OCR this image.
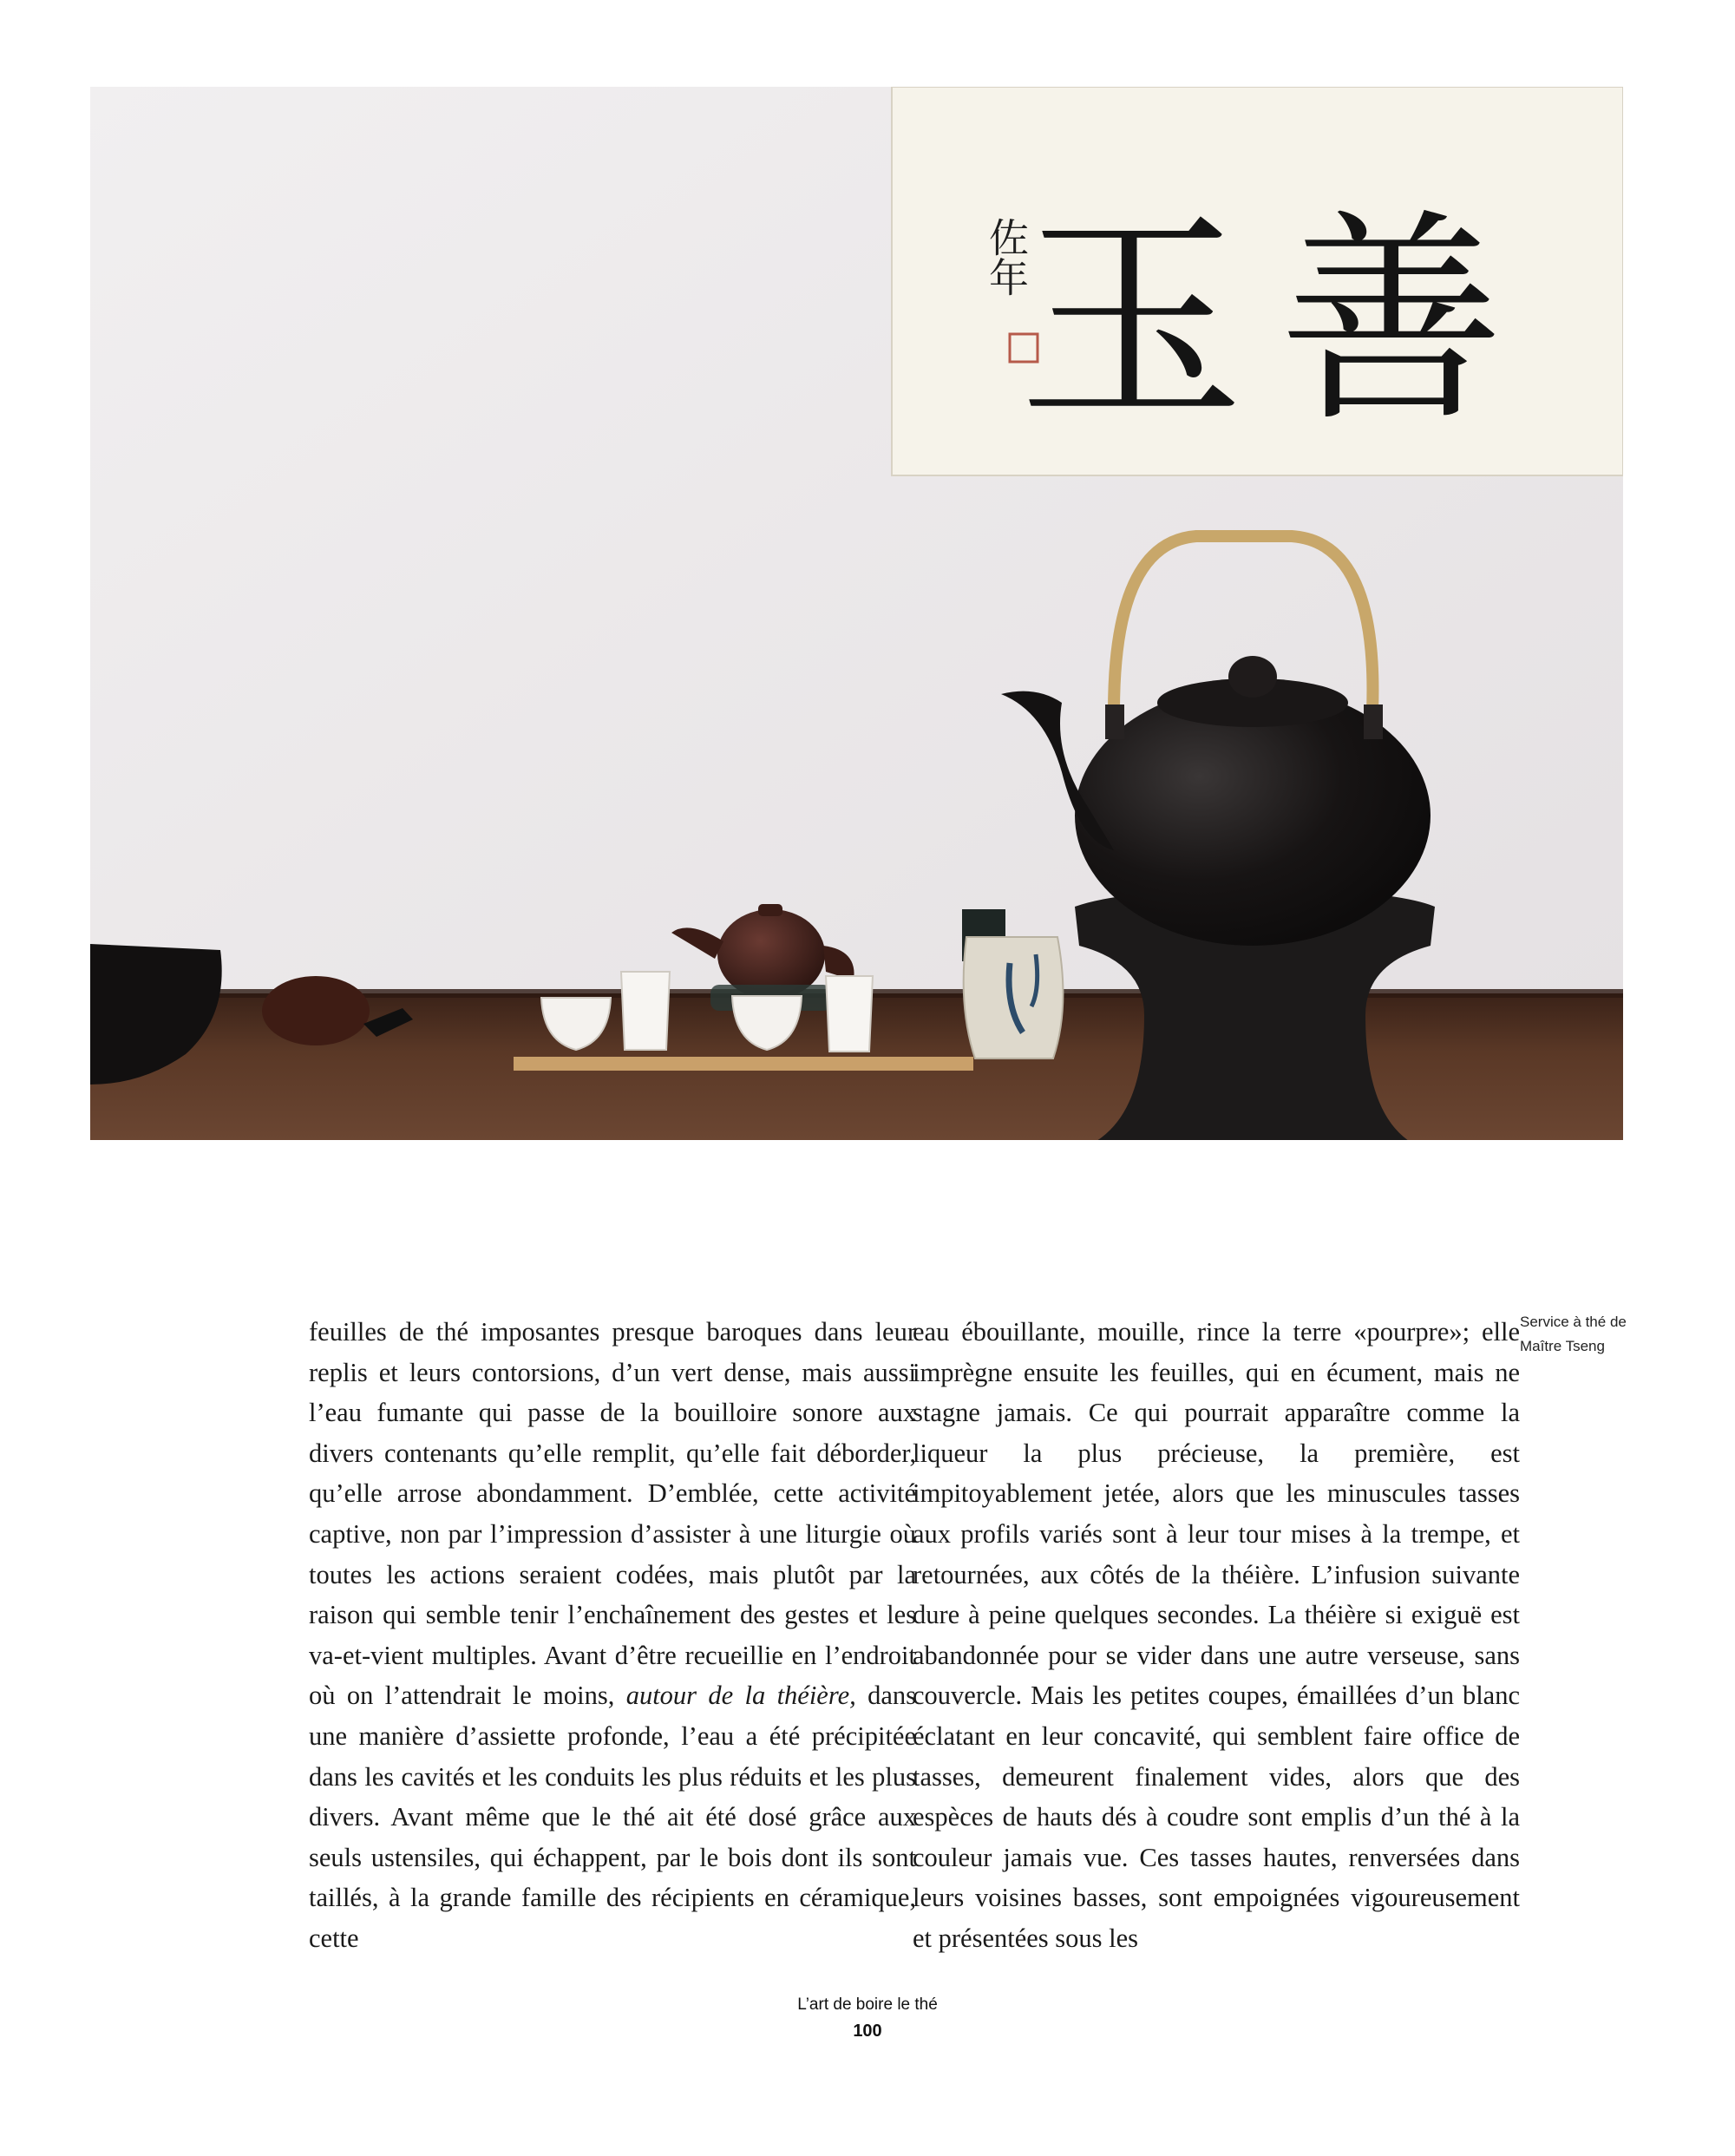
玉善
佐年

feuilles de thé imposantes presque baroques dans leur replis et leurs contorsions, d’un vert dense, mais aussi l’eau fumante qui passe de la bouilloire sonore aux divers contenants qu’elle remplit, qu’elle fait déborder, qu’elle arrose abondamment. D’emblée, cette activité captive, non par l’impression d’assister à une liturgie où toutes les actions seraient codées, mais plutôt par la raison qui semble tenir l’enchaînement des gestes et les va-et-vient multiples. Avant d’être recueillie en l’endroit où on l’attendrait le moins, autour de la théière, dans une manière d’assiette profonde, l’eau a été précipitée dans les cavités et les conduits les plus réduits et les plus divers. Avant même que le thé ait été dosé grâce aux seuls ustensiles, qui échappent, par le bois dont ils sont taillés, à la grande famille des récipients en céramique, cette

eau ébouillante, mouille, rince la terre «pourpre»; elle imprègne ensuite les feuilles, qui en écument, mais ne stagne jamais. Ce qui pourrait apparaître comme la liqueur la plus précieuse, la première, est impitoyablement jetée, alors que les minuscules tasses aux profils variés sont à leur tour mises à la trempe, et retournées, aux côtés de la théière. L’infusion suivante dure à peine quelques secondes. La théière si exiguë est abandonnée pour se vider dans une autre verseuse, sans couvercle. Mais les petites coupes, émaillées d’un blanc éclatant en leur concavité, qui semblent faire office de tasses, demeurent finalement vides, alors que des espèces de hauts dés à coudre sont emplis d’un thé à la couleur jamais vue. Ces tasses hautes, renversées dans leurs voisines basses, sont empoignées vigoureusement et présentées sous les

Service à thé de
Maître Tseng
L’art de boire le thé
100
